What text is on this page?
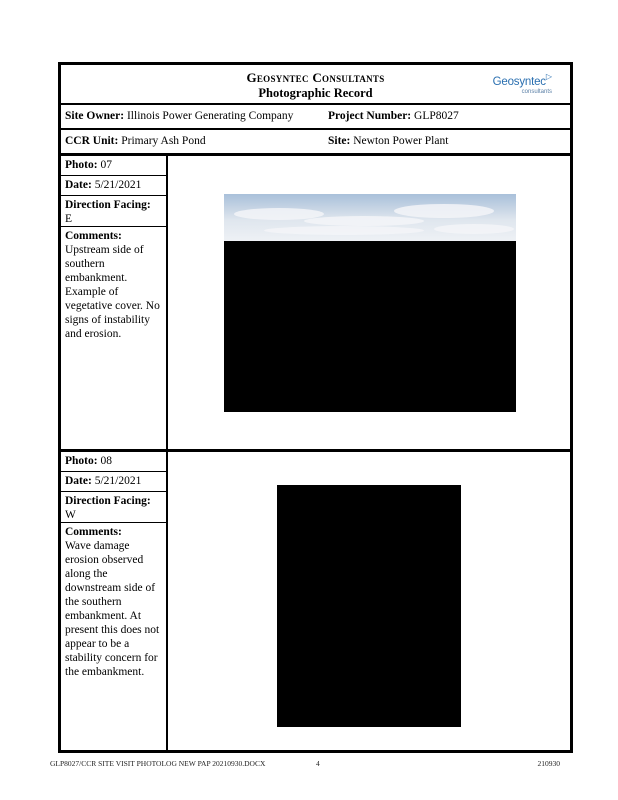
Geosyntec Consultants
Photographic Record
Geosyntec▷
consultants
Site Owner: Illinois Power Generating Company	Project Number: GLP8027
CCR Unit: Primary Ash Pond	Site: Newton Power Plant
Photo: 07
Date: 5/21/2021
Direction Facing:
E
Comments:
Upstream side of southern embankment. Example of vegetative cover. No signs of instability and erosion.
Photo: 08
Date: 5/21/2021
Direction Facing:
W
Comments:
Wave damage erosion observed along the downstream side of the southern embankment. At present this does not appear to be a stability concern for the embankment.
GLP8027/CCR SITE VISIT PHOTOLOG NEW PAP 20210930.DOCX	4	210930
